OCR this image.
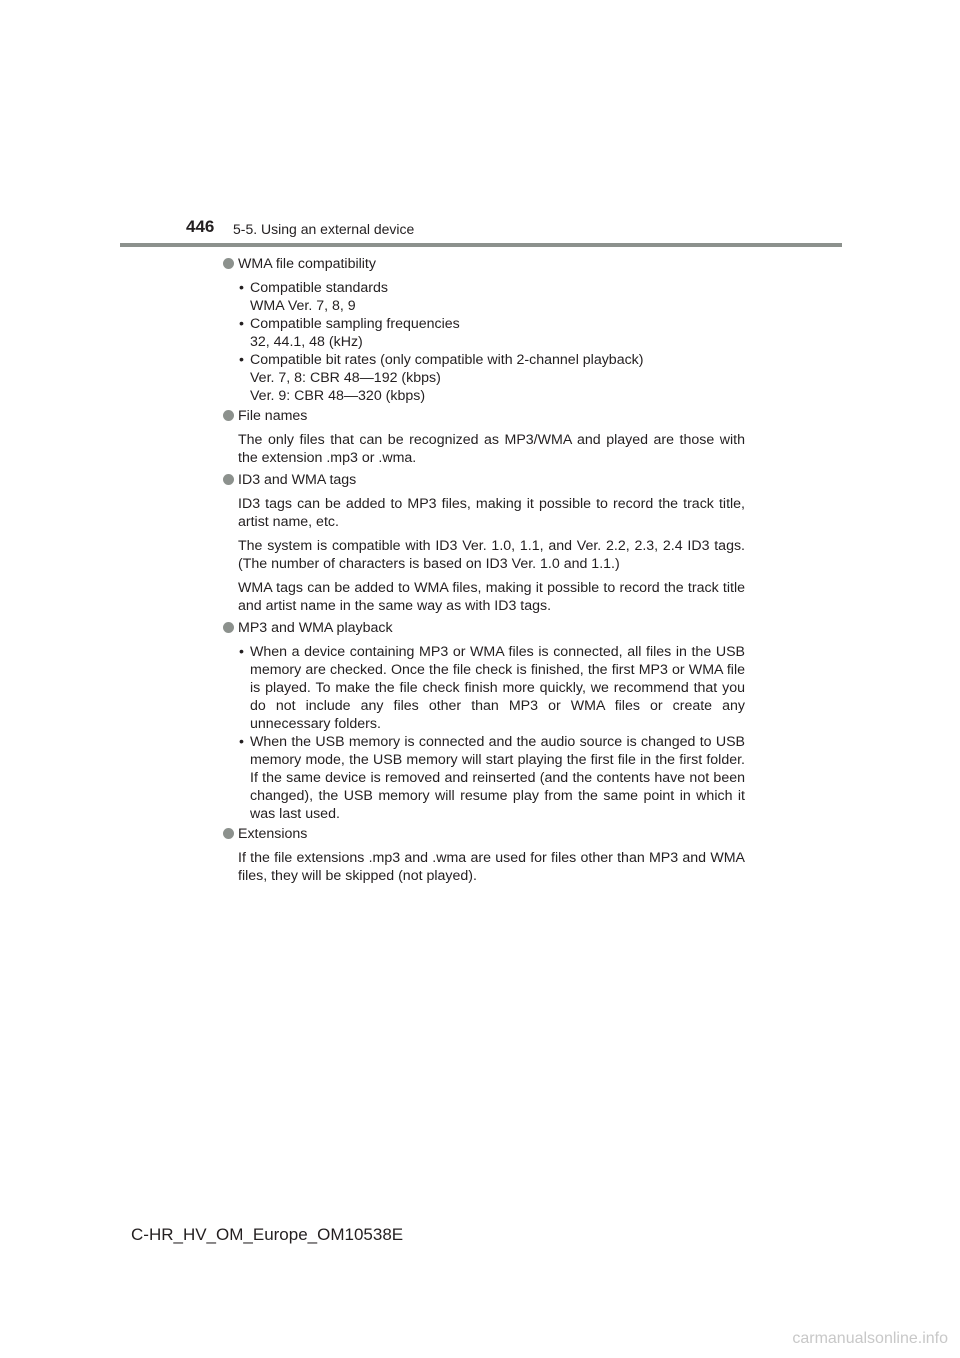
446 5-5. Using an external device
WMA file compatibility
• Compatible standards
WMA Ver. 7, 8, 9
• Compatible sampling frequencies
32, 44.1, 48 (kHz)
• Compatible bit rates (only compatible with 2-channel playback)
Ver. 7, 8: CBR 48—192 (kbps)
Ver. 9: CBR 48—320 (kbps)
File names
The only files that can be recognized as MP3/WMA and played are those with the extension .mp3 or .wma.
ID3 and WMA tags
ID3 tags can be added to MP3 files, making it possible to record the track title, artist name, etc.
The system is compatible with ID3 Ver. 1.0, 1.1, and Ver. 2.2, 2.3, 2.4 ID3 tags. (The number of characters is based on ID3 Ver. 1.0 and 1.1.)
WMA tags can be added to WMA files, making it possible to record the track title and artist name in the same way as with ID3 tags.
MP3 and WMA playback
• When a device containing MP3 or WMA files is connected, all files in the USB memory are checked. Once the file check is finished, the first MP3 or WMA file is played. To make the file check finish more quickly, we recommend that you do not include any files other than MP3 or WMA files or create any unnecessary folders.
• When the USB memory is connected and the audio source is changed to USB memory mode, the USB memory will start playing the first file in the first folder. If the same device is removed and reinserted (and the contents have not been changed), the USB memory will resume play from the same point in which it was last used.
Extensions
If the file extensions .mp3 and .wma are used for files other than MP3 and WMA files, they will be skipped (not played).
C-HR_HV_OM_Europe_OM10538E
carmanualsonline.info
